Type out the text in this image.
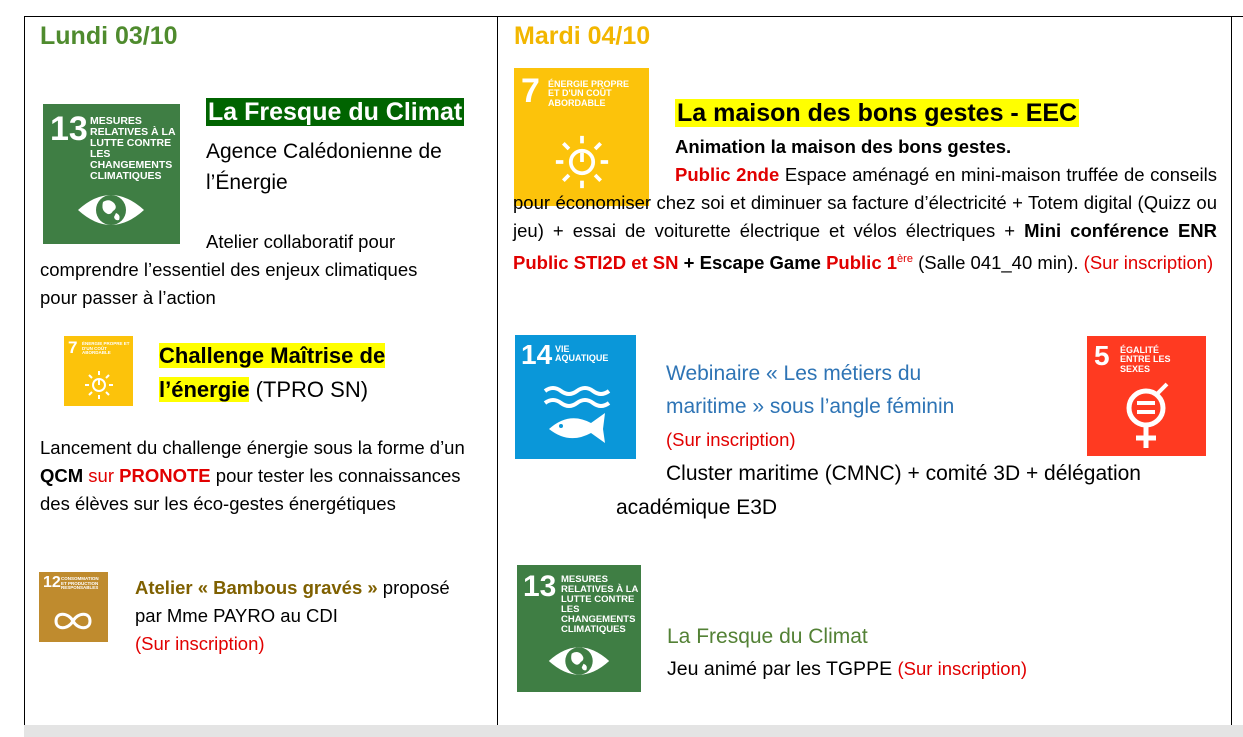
Lundi 03/10
13 MESURES RELATIVES À LA LUTTE CONTRE LES CHANGEMENTS CLIMATIQUES
La Fresque du Climat
Agence Calédonienne de
l’Énergie
Atelier collaboratif pour
comprendre l’essentiel des enjeux climatiques
pour passer à l’action
7 ÉNERGIE PROPRE ET D'UN COÛT ABORDABLE	Challenge Maîtrise de
l’énergie (TPRO SN)
Lancement du challenge énergie sous la forme d’un QCM sur PRONOTE pour tester les connaissances des élèves sur les éco-gestes énergétiques
12 CONSOMMATION ET PRODUCTION RESPONSABLES	Atelier « Bambous gravés » proposé
par Mme PAYRO au CDI
(Sur inscription)
Mardi 04/10
7 ÉNERGIE PROPRE ET D'UN COÛT ABORDABLE	La maison des bons gestes - EEC
Animation la maison des bons gestes.
Public 2nde Espace aménagé en mini-maison truffée de conseils pour économiser chez soi et diminuer sa facture d’électricité + Totem digital (Quizz ou jeu) + essai de voiturette électrique et vélos électriques + Mini conférence ENR Public STI2D et SN + Escape Game Public 1ère (Salle 041_40 min). (Sur inscription)
14 VIE AQUATIQUE
Webinaire « Les métiers du
maritime » sous l’angle féminin
(Sur inscription)
Cluster maritime (CMNC) + comité 3D + délégation
académique E3D
5 ÉGALITÉ ENTRE LES SEXES
13 MESURES RELATIVES À LA LUTTE CONTRE LES CHANGEMENTS CLIMATIQUES	La Fresque du Climat
Jeu animé par les TGPPE (Sur inscription)
